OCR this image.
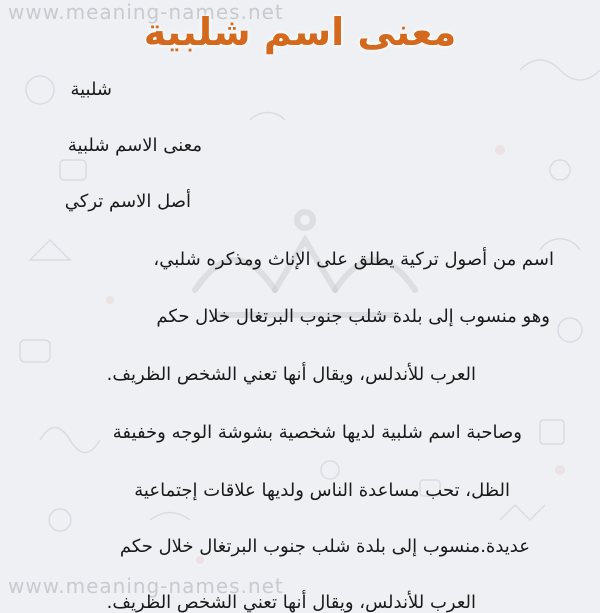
www.meaning-names.net
www.meaning-names.net
معنى اسم شلبية
شلبية
معنى الاسم شلبية
أصل الاسم تركي
اسم من أصول تركية يطلق على الإناث ومذكره شلبي،
وهو منسوب إلى بلدة شلب جنوب البرتغال خلال حكم
العرب للأندلس، ويقال أنها تعني الشخص الظريف.
وصاحبة اسم شلبية لديها شخصية بشوشة الوجه وخفيفة
الظل، تحب مساعدة الناس ولديها علاقات إجتماعية
عديدة.منسوب إلى بلدة شلب جنوب البرتغال خلال حكم
العرب للأندلس، ويقال أنها تعني الشخص الظريف.
